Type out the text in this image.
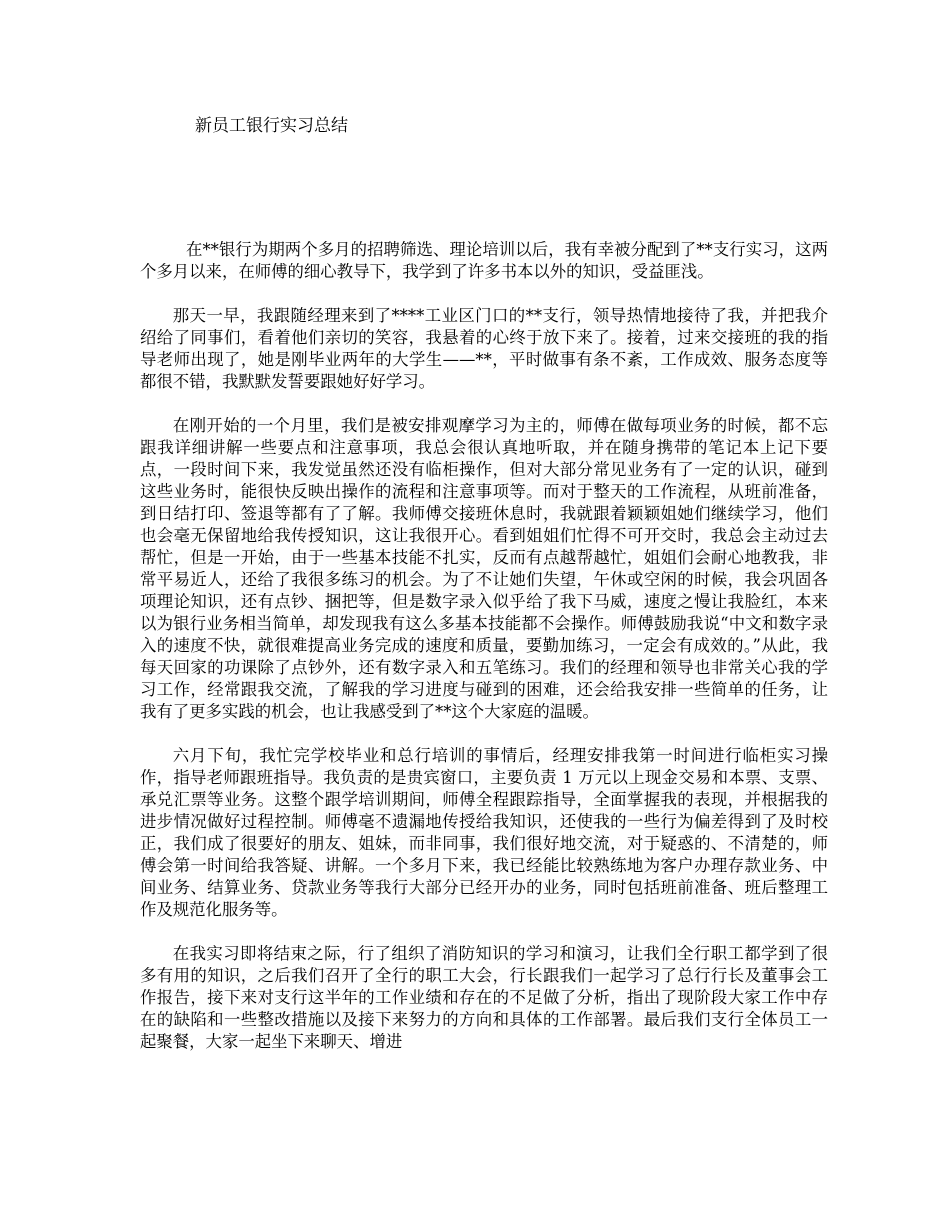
新员工银行实习总结

在**银行为期两个多月的招聘筛选、理论培训以后，我有幸被分配到了**支行实习，这两个多月以来，在师傅的细心教导下，我学到了许多书本以外的知识，受益匪浅。

那天一早，我跟随经理来到了****工业区门口的**支行，领导热情地接待了我，并把我介绍给了同事们，看着他们亲切的笑容，我悬着的心终于放下来了。接着，过来交接班的我的指导老师出现了，她是刚毕业两年的大学生——**，平时做事有条不紊，工作成效、服务态度等都很不错，我默默发誓要跟她好好学习。

在刚开始的一个月里，我们是被安排观摩学习为主的，师傅在做每项业务的时候，都不忘跟我详细讲解一些要点和注意事项，我总会很认真地听取，并在随身携带的笔记本上记下要点，一段时间下来，我发觉虽然还没有临柜操作，但对大部分常见业务有了一定的认识，碰到这些业务时，能很快反映出操作的流程和注意事项等。而对于整天的工作流程，从班前准备，到日结打印、签退等都有了了解。我师傅交接班休息时，我就跟着颖颖姐她们继续学习，他们也会毫无保留地给我传授知识，这让我很开心。看到姐姐们忙得不可开交时，我总会主动过去帮忙，但是一开始，由于一些基本技能不扎实，反而有点越帮越忙，姐姐们会耐心地教我，非常平易近人，还给了我很多练习的机会。为了不让她们失望，午休或空闲的时候，我会巩固各项理论知识，还有点钞、捆把等，但是数字录入似乎给了我下马威，速度之慢让我脸红，本来以为银行业务相当简单，却发现我有这么多基本技能都不会操作。师傅鼓励我说“中文和数字录入的速度不快，就很难提高业务完成的速度和质量，要勤加练习，一定会有成效的。”从此，我每天回家的功课除了点钞外，还有数字录入和五笔练习。我们的经理和领导也非常关心我的学习工作，经常跟我交流，了解我的学习进度与碰到的困难，还会给我安排一些简单的任务，让我有了更多实践的机会，也让我感受到了**这个大家庭的温暖。

六月下旬，我忙完学校毕业和总行培训的事情后，经理安排我第一时间进行临柜实习操作，指导老师跟班指导。我负责的是贵宾窗口，主要负责 1 万元以上现金交易和本票、支票、承兑汇票等业务。这整个跟学培训期间，师傅全程跟踪指导，全面掌握我的表现，并根据我的进步情况做好过程控制。师傅毫不遗漏地传授给我知识，还使我的一些行为偏差得到了及时校正，我们成了很要好的朋友、姐妹，而非同事，我们很好地交流，对于疑惑的、不清楚的，师傅会第一时间给我答疑、讲解。一个多月下来，我已经能比较熟练地为客户办理存款业务、中间业务、结算业务、贷款业务等我行大部分已经开办的业务，同时包括班前准备、班后整理工作及规范化服务等。

在我实习即将结束之际，行了组织了消防知识的学习和演习，让我们全行职工都学到了很多有用的知识，之后我们召开了全行的职工大会，行长跟我们一起学习了总行行长及董事会工作报告，接下来对支行这半年的工作业绩和存在的不足做了分析，指出了现阶段大家工作中存在的缺陷和一些整改措施以及接下来努力的方向和具体的工作部署。最后我们支行全体员工一起聚餐，大家一起坐下来聊天、增进
